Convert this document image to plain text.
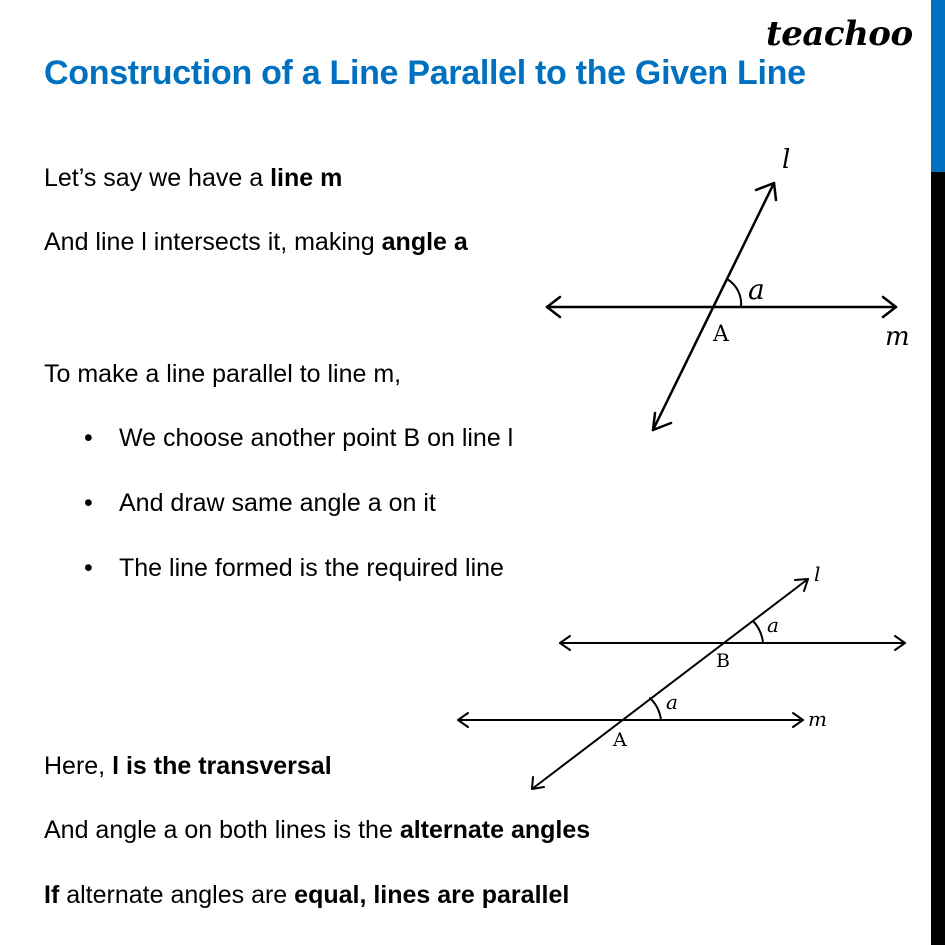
teachoo
Construction of a Line Parallel to the Given Line
Let’s say we have a line m
And line l intersects it, making angle a
To make a line parallel to line m,
• We choose another point B on line l
• And draw same angle a on it
• The line formed is the required line
Here, l is the transversal
And angle a on both lines is the alternate angles
If alternate angles are equal, lines are parallel
a
A	m
l
a
a
B
A
m
l
